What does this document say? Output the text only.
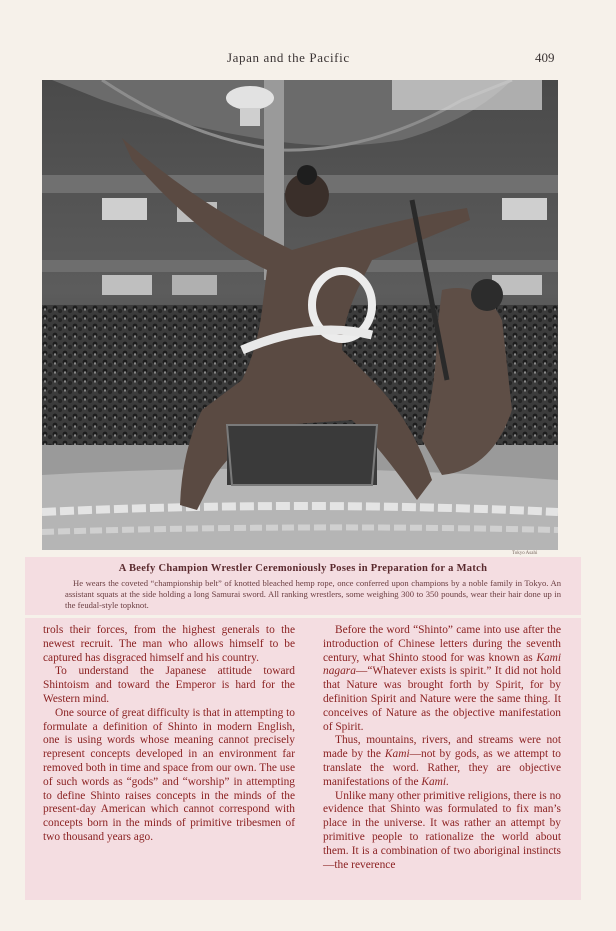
Japan and the Pacific	409
Tokyo Asahi
A Beefy Champion Wrestler Ceremoniously Poses in Preparation for a Match
He wears the coveted “championship belt” of knotted bleached hemp rope, once conferred upon champions by a noble family in Tokyo. An assistant squats at the side holding a long Samurai sword. All ranking wrestlers, some weighing 300 to 350 pounds, wear their hair done up in the feudal-style topknot.

trols their forces, from the highest generals to the newest recruit. The man who allows himself to be captured has disgraced himself and his country.

To understand the Japanese attitude toward Shintoism and toward the Emperor is hard for the Western mind.

One source of great difficulty is that in attempting to formulate a definition of Shinto in modern English, one is using words whose meaning cannot precisely represent concepts developed in an environment far removed both in time and space from our own. The use of such words as “gods” and “worship” in attempting to define Shinto raises concepts in the minds of the present-day American which cannot correspond with concepts born in the minds of primitive tribesmen of two thousand years ago.

Before the word “Shinto” came into use after the introduction of Chinese letters during the seventh century, what Shinto stood for was known as Kami nagara—“Whatever exists is spirit.” It did not hold that Nature was brought forth by Spirit, for by definition Spirit and Nature were the same thing. It conceives of Nature as the objective manifestation of Spirit.

Thus, mountains, rivers, and streams were not made by the Kami—not by gods, as we attempt to translate the word. Rather, they are objective manifestations of the Kami.

Unlike many other primitive religions, there is no evidence that Shinto was formulated to fix man’s place in the universe. It was rather an attempt by primitive people to rationalize the world about them. It is a combination of two aboriginal instincts—the reverence
